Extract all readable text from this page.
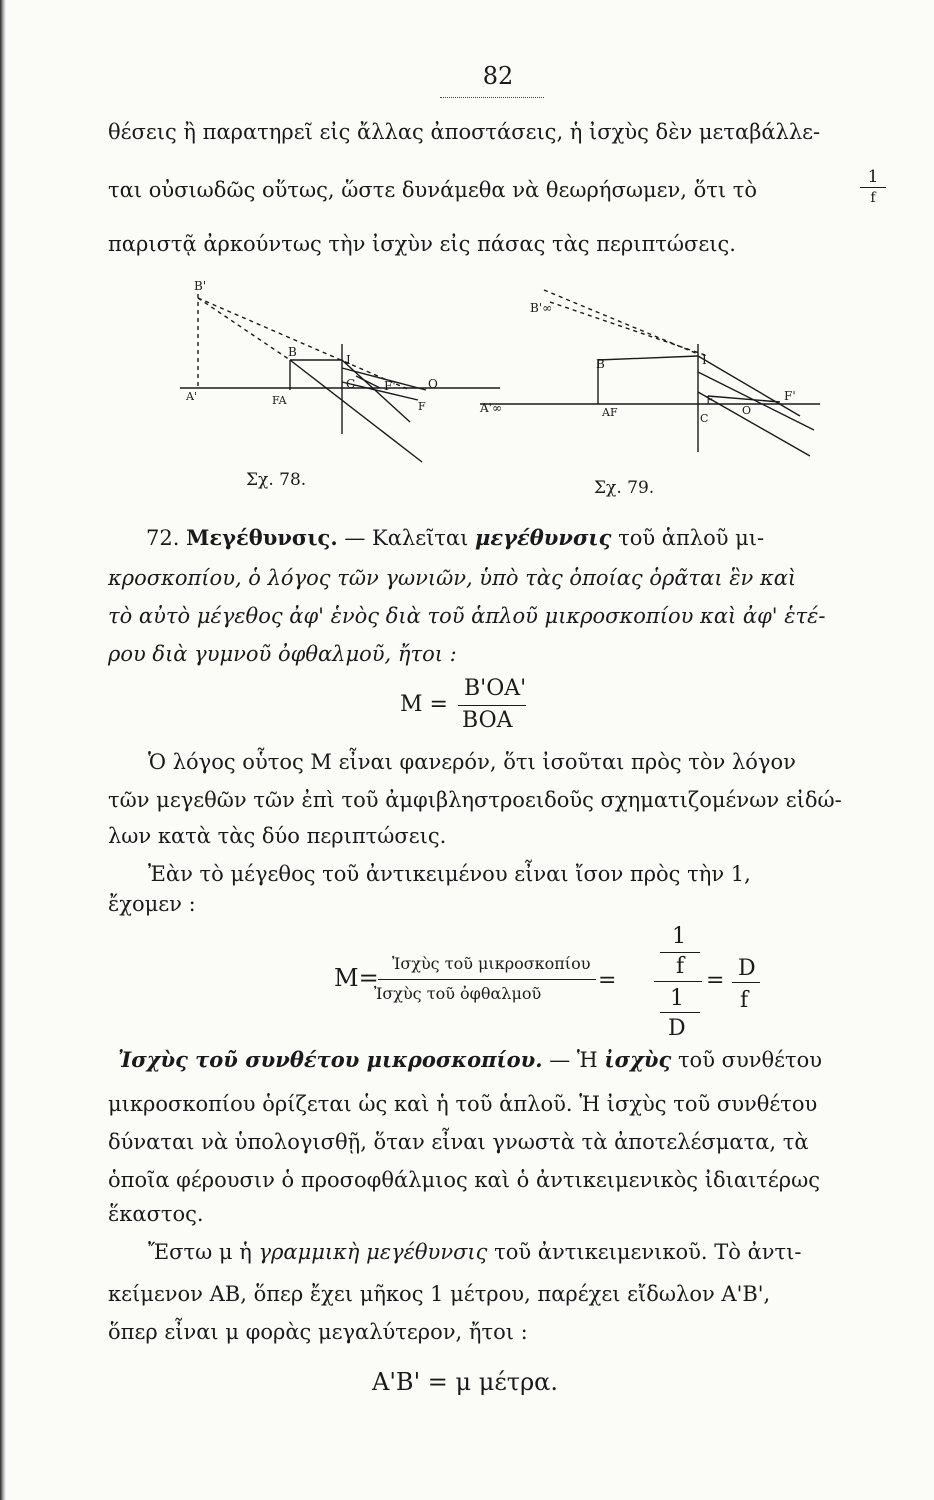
82
θέσεις ἢ παρατηρεῖ εἰς ἄλλας ἀποστάσεις, ἡ ἰσχὺς δὲν μεταβάλλε-
ται οὐσιωδῶς οὕτως, ὥστε δυνάμεθα νὰ θεωρήσωμεν, ὅτι τὸ
1
f
παριστᾷ ἀρκούντως τὴν ἰσχὺν εἰς πάσας τὰς περιπτώσεις.
B'
B
I
C F'	O
A'	FA	F	A'∞
B'∞
B	I
AF	C
O
F	F'
Σχ. 78.	Σχ. 79.
72. Μεγέθυνσις. — Καλεῖται μεγέθυνσις τοῦ ἁπλοῦ μι-
κροσκοπίου, ὁ λόγος τῶν γωνιῶν, ὑπὸ τὰς ὁποίας ὁρᾶται ἓν καὶ
τὸ αὐτὸ μέγεθος ἀφ' ἑνὸς διὰ τοῦ ἁπλοῦ μικροσκοπίου καὶ ἀφ' ἑτέ-
ρου διὰ γυμνοῦ ὀφθαλμοῦ, ἤτοι :
M =
B'OA'
BOA
Ὁ λόγος οὗτος Μ εἶναι φανερόν, ὅτι ἰσοῦται πρὸς τὸν λόγον
τῶν μεγεθῶν τῶν ἐπὶ τοῦ ἀμφιβληστροειδοῦς σχηματιζομένων εἰδώ-
λων κατὰ τὰς δύο περιπτώσεις.
Ἐὰν τὸ μέγεθος τοῦ ἀντικειμένου εἶναι ἴσον πρὸς τὴν 1,
ἔχομεν :
M=
Ἰσχὺς τοῦ μικροσκοπίου
Ἰσχὺς τοῦ ὀφθαλμοῦ
=
1
f
1
D
= D
f
Ἰσχὺς τοῦ συνθέτου μικροσκοπίου. — Ἡ ἰσχὺς τοῦ συνθέτου
μικροσκοπίου ὁρίζεται ὡς καὶ ἡ τοῦ ἁπλοῦ. Ἡ ἰσχὺς τοῦ συνθέτου
δύναται νὰ ὑπολογισθῇ, ὅταν εἶναι γνωστὰ τὰ ἀποτελέσματα, τὰ
ὁποῖα φέρουσιν ὁ προσοφθάλμιος καὶ ὁ ἀντικειμενικὸς ἰδιαιτέρως
ἕκαστος.
Ἔστω μ ἡ γραμμικὴ μεγέθυνσις τοῦ ἀντικειμενικοῦ. Τὸ ἀντι-
κείμενον AB, ὅπερ ἔχει μῆκος 1 μέτρου, παρέχει εἴδωλον A'B',
ὅπερ εἶναι μ φορὰς μεγαλύτερον, ἤτοι :
A'B' = μ μέτρα.
